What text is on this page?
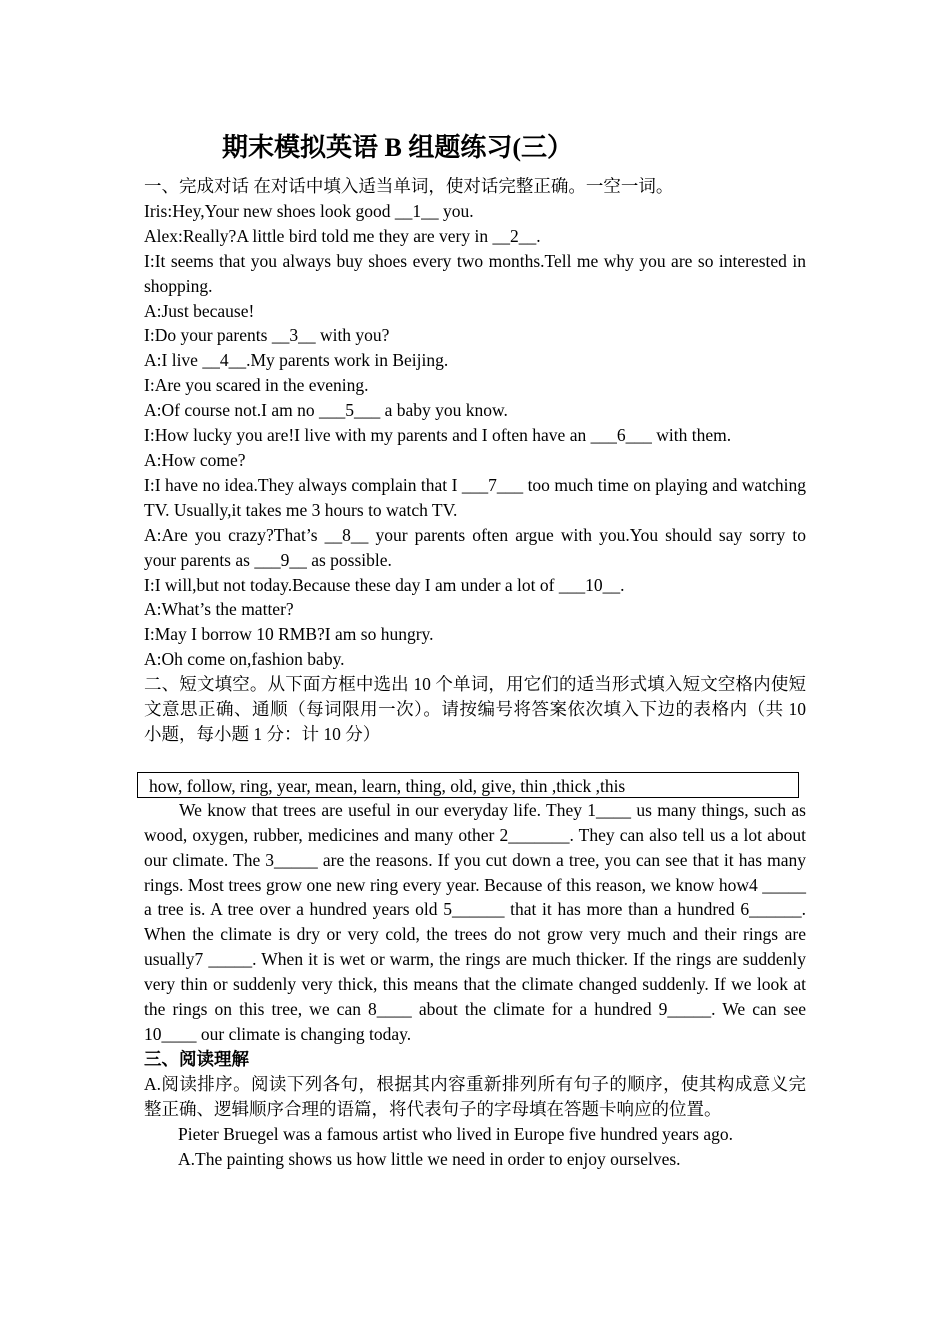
期末模拟英语 B 组题练习(三）
一、完成对话 在对话中填入适当单词，使对话完整正确。一空一词。
Iris:Hey,Your new shoes look good __1__ you.
Alex:Really?A little bird told me they are very in __2__.
I:It seems that you always buy shoes every two months.Tell me why you are so interested in shopping.
A:Just because!
I:Do your parents __3__ with you?
A:I live __4__.My parents work in Beijing.
I:Are you scared in the evening.
A:Of course not.I am no ___5___ a baby you know.
I:How lucky you are!I live with my parents and I often have an ___6___ with them.
A:How come?
I:I have no idea.They always complain that I ___7___ too much time on playing and watching TV. Usually,it takes me 3 hours to watch TV.
A:Are you crazy?That’s __8__ your parents often argue with you.You should say sorry to your parents as ___9__ as possible.
I:I will,but not today.Because these day I am under a lot of ___10__.
A:What’s the matter?
I:May I borrow 10 RMB?I am so hungry.
A:Oh come on,fashion baby.
二、短文填空。从下面方框中选出 10 个单词，用它们的适当形式填入短文空格内使短文意思正确、通顺（每词限用一次）。请按编号将答案依次填入下边的表格内（共 10 小题，每小题 1 分：计 10 分）
how, follow, ring, year, mean, learn, thing, old, give, thin ,thick ,this
We know that trees are useful in our everyday life. They 1____ us many things, such as wood, oxygen, rubber, medicines and many other 2_______. They can also tell us a lot about our climate. The 3_____ are the reasons. If you cut down a tree, you can see that it has many rings. Most trees grow one new ring every year. Because of this reason, we know how4 _____ a tree is. A tree over a hundred years old 5______ that it has more than a hundred 6______. When the climate is dry or very cold, the trees do not grow very much and their rings are usually7 _____. When it is wet or warm, the rings are much thicker. If the rings are suddenly very thin or suddenly very thick, this means that the climate changed suddenly. If we look at the rings on this tree, we can 8____ about the climate for a hundred 9_____. We can see 10____ our climate is changing today.
三、阅读理解
A.阅读排序。阅读下列各句，根据其内容重新排列所有句子的顺序，使其构成意义完整正确、逻辑顺序合理的语篇，将代表句子的字母填在答题卡响应的位置。
Pieter Bruegel was a famous artist who lived in Europe five hundred years ago.
A.The painting shows us how little we need in order to enjoy ourselves.
